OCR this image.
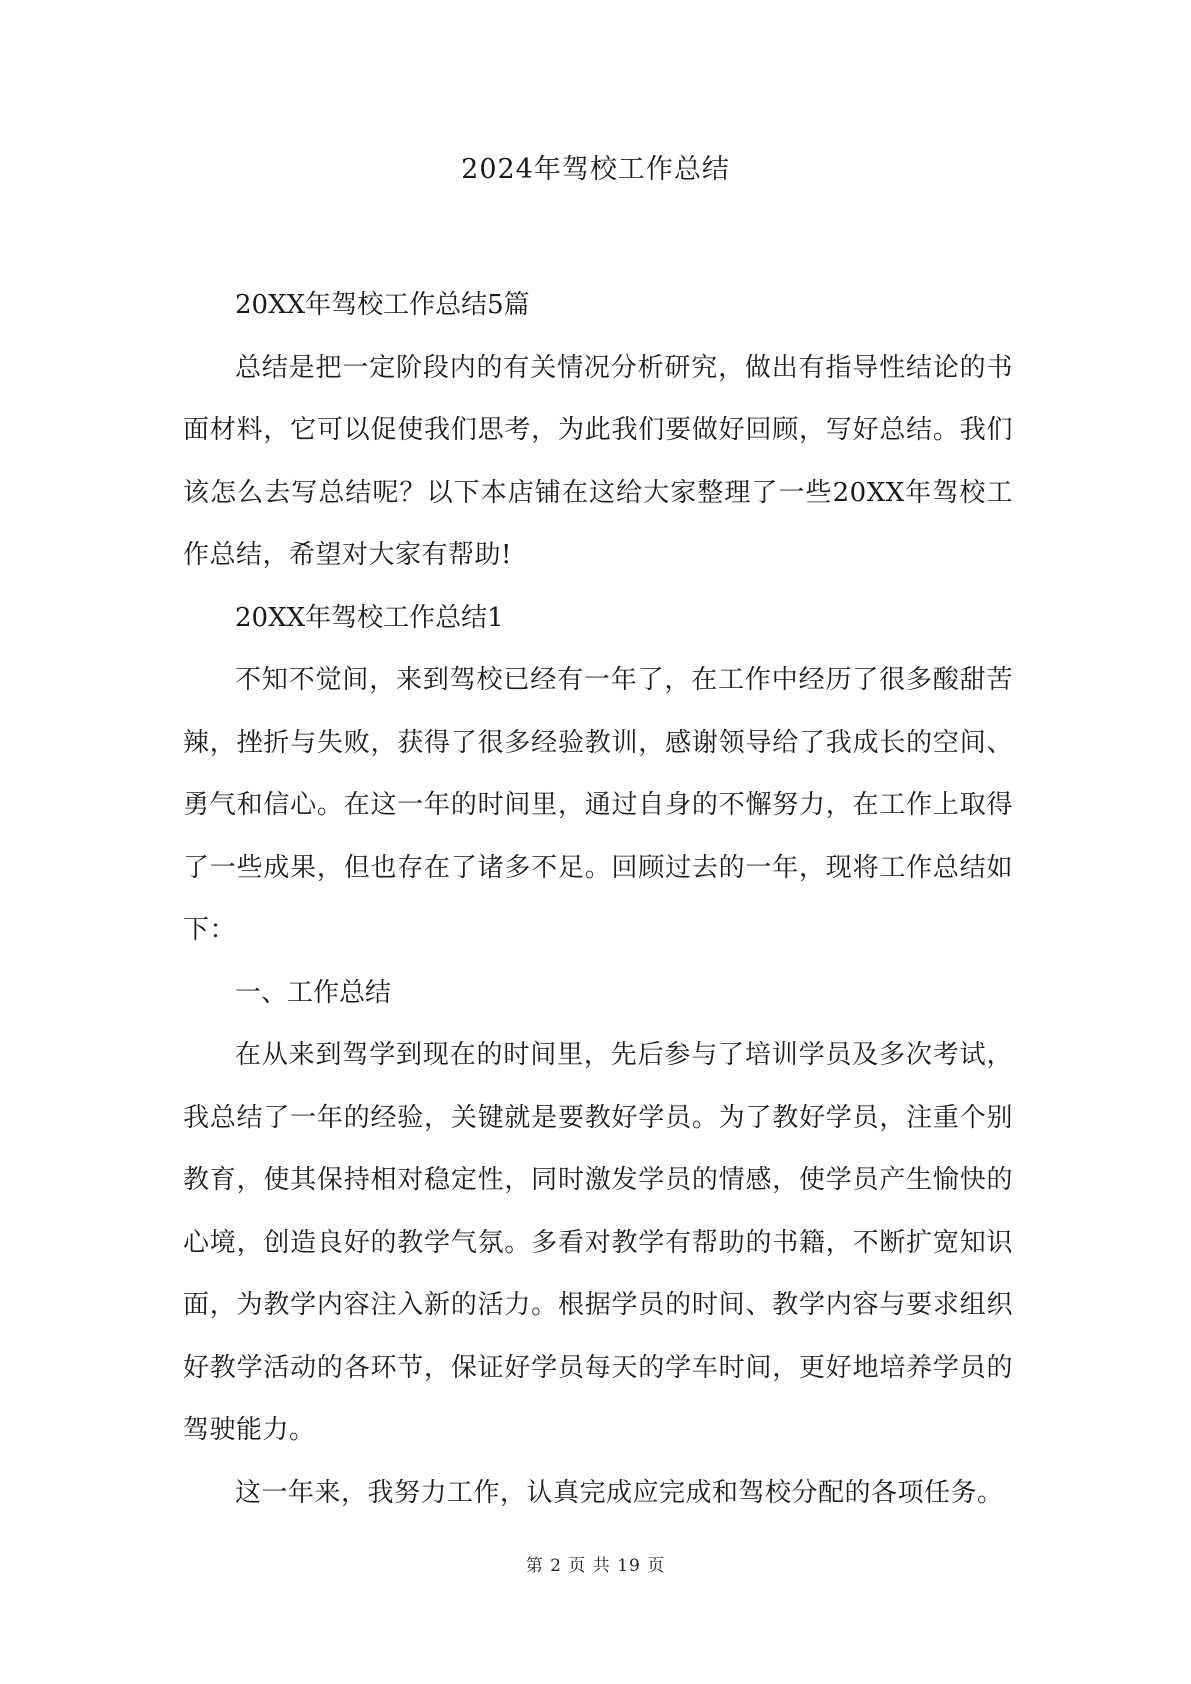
2024年驾校工作总结

20XX年驾校工作总结5篇

总结是把一定阶段内的有关情况分析研究，做出有指导性结论的书面材料，它可以促使我们思考，为此我们要做好回顾，写好总结。我们该怎么去写总结呢？以下本店铺在这给大家整理了一些20XX年驾校工作总结，希望对大家有帮助!

20XX年驾校工作总结1

不知不觉间，来到驾校已经有一年了，在工作中经历了很多酸甜苦辣，挫折与失败，获得了很多经验教训，感谢领导给了我成长的空间、勇气和信心。在这一年的时间里，通过自身的不懈努力，在工作上取得了一些成果，但也存在了诸多不足。回顾过去的一年，现将工作总结如下：

一、工作总结

在从来到驾学到现在的时间里，先后参与了培训学员及多次考试，我总结了一年的经验，关键就是要教好学员。为了教好学员，注重个别教育，使其保持相对稳定性，同时激发学员的情感，使学员产生愉快的心境，创造良好的教学气氛。多看对教学有帮助的书籍，不断扩宽知识面，为教学内容注入新的活力。根据学员的时间、教学内容与要求组织好教学活动的各环节，保证好学员每天的学车时间，更好地培养学员的驾驶能力。

这一年来，我努力工作，认真完成应完成和驾校分配的各项任务。

第 2 页 共 19 页
